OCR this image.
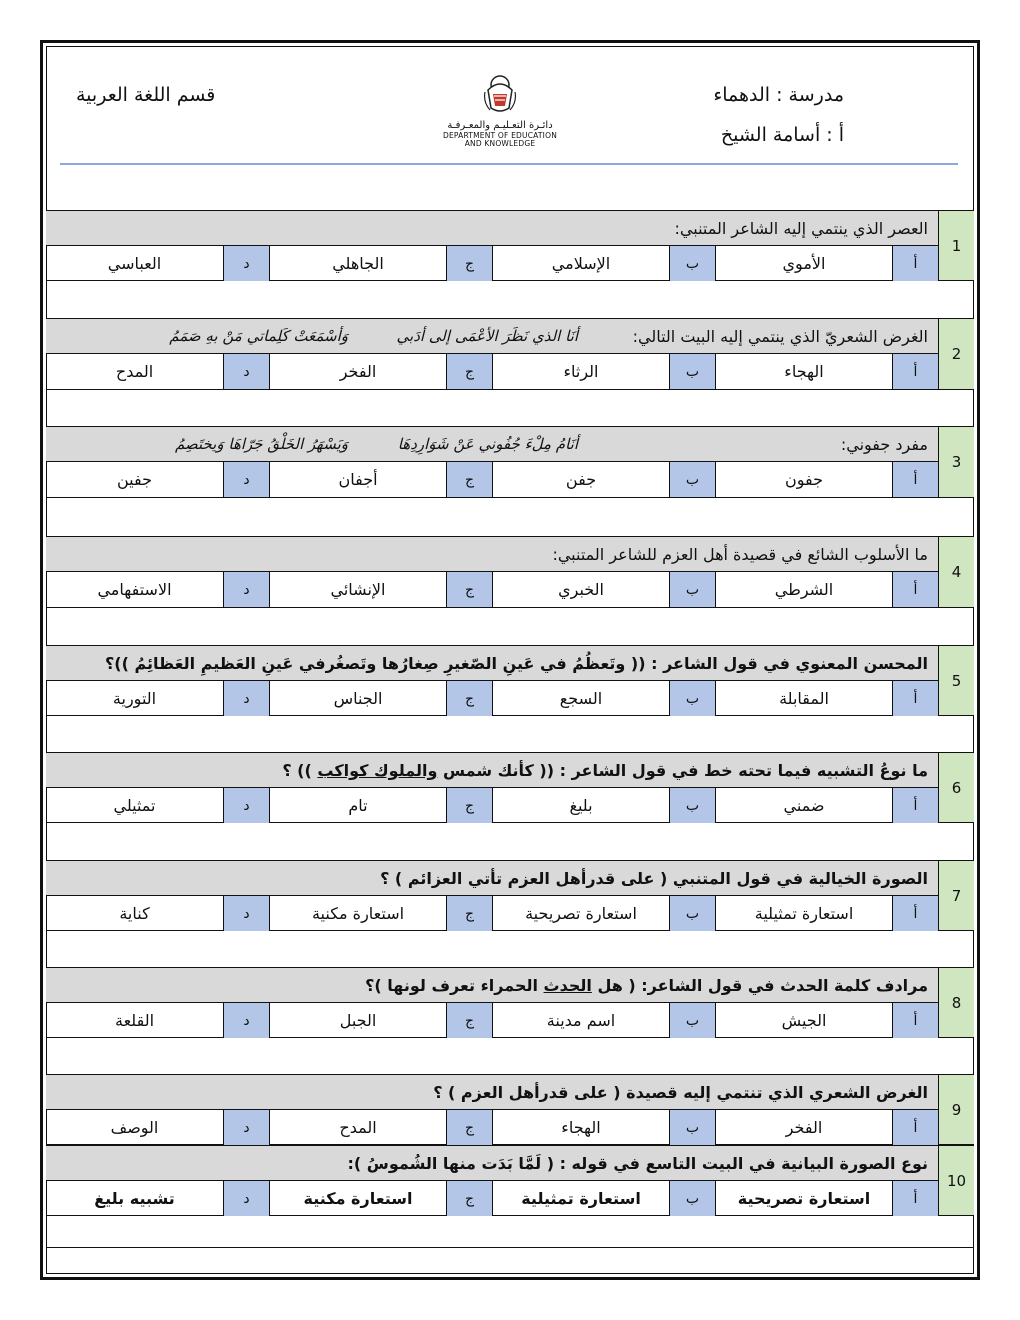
مدرسة : الدهماء
أ : أسامة الشيخ
قسم اللغة العربية
دائـرة التعـليـم والمعـرفـة
DEPARTMENT OF EDUCATION
AND KNOWLEDGE
1
العصر الذي ينتمي إليه الشاعر المتنبي:
أ
الأموي
ب
الإسلامي
ج
الجاهلي
د
العباسي
2
الغرض الشعريّ الذي ينتمي إليه البيت التالي:
أنَا الذي نَظَرَ الأعْمَى إلى أدَبي
وَأسْمَعَتْ كَلِماتي مَنْ بهِ صَمَمُ
أ
الهجاء
ب
الرثاء
ج
الفخر
د
المدح
3
مفرد جفوني:
أنَامُ مِلْءَ جُفُوني عَنْ شَوَارِدِهَا
وَيَسْهَرُ الخَلْقُ جَرّاهَا وَيختَصِمُ
أ
جفون
ب
جفن
ج
أجفان
د
جفين
4
ما الأسلوب الشائع في قصيدة أهل العزم للشاعر المتنبي:
أ
الشرطي
ب
الخبري
ج
الإنشائي
د
الاستفهامي
5
المحسن المعنوي في قول الشاعر : (( وتَعظُمُ في عَينِ الصّغيرِ صِغارُها وتَصغُرفي عَينِ العَظيمِ العَظائِمُ ))؟
أ
المقابلة
ب
السجع
ج
الجناس
د
التورية
6
ما نوعُ التشبيه فيما تحته خط في قول الشاعر : (( كأنك شمس والملوك كواكب )) ؟
أ
ضمني
ب
بليغ
ج
تام
د
تمثيلي
7
الصورة الخيالية في قول المتنبي ( على قدرأهل العزم تأتي العزائم ) ؟
أ
استعارة تمثيلية
ب
استعارة تصريحية
ج
استعارة مكنية
د
كناية
8
مرادف كلمة الحدث في قول الشاعر: ( هل الحدث الحمراء تعرف لونها )؟
أ
الجيش
ب
اسم مدينة
ج
الجبل
د
القلعة
9
الغرض الشعري الذي تنتمي إليه قصيدة ( على قدرأهل العزم ) ؟
أ
الفخر
ب
الهجاء
ج
المدح
د
الوصف
10
نوع الصورة البيانية في البيت التاسع في قوله : ( لَمَّا بَدَت منها الشُموسُ ):
أ
استعارة تصريحية
ب
استعارة تمثيلية
ج
استعارة مكنية
د
تشبيه بليغ
